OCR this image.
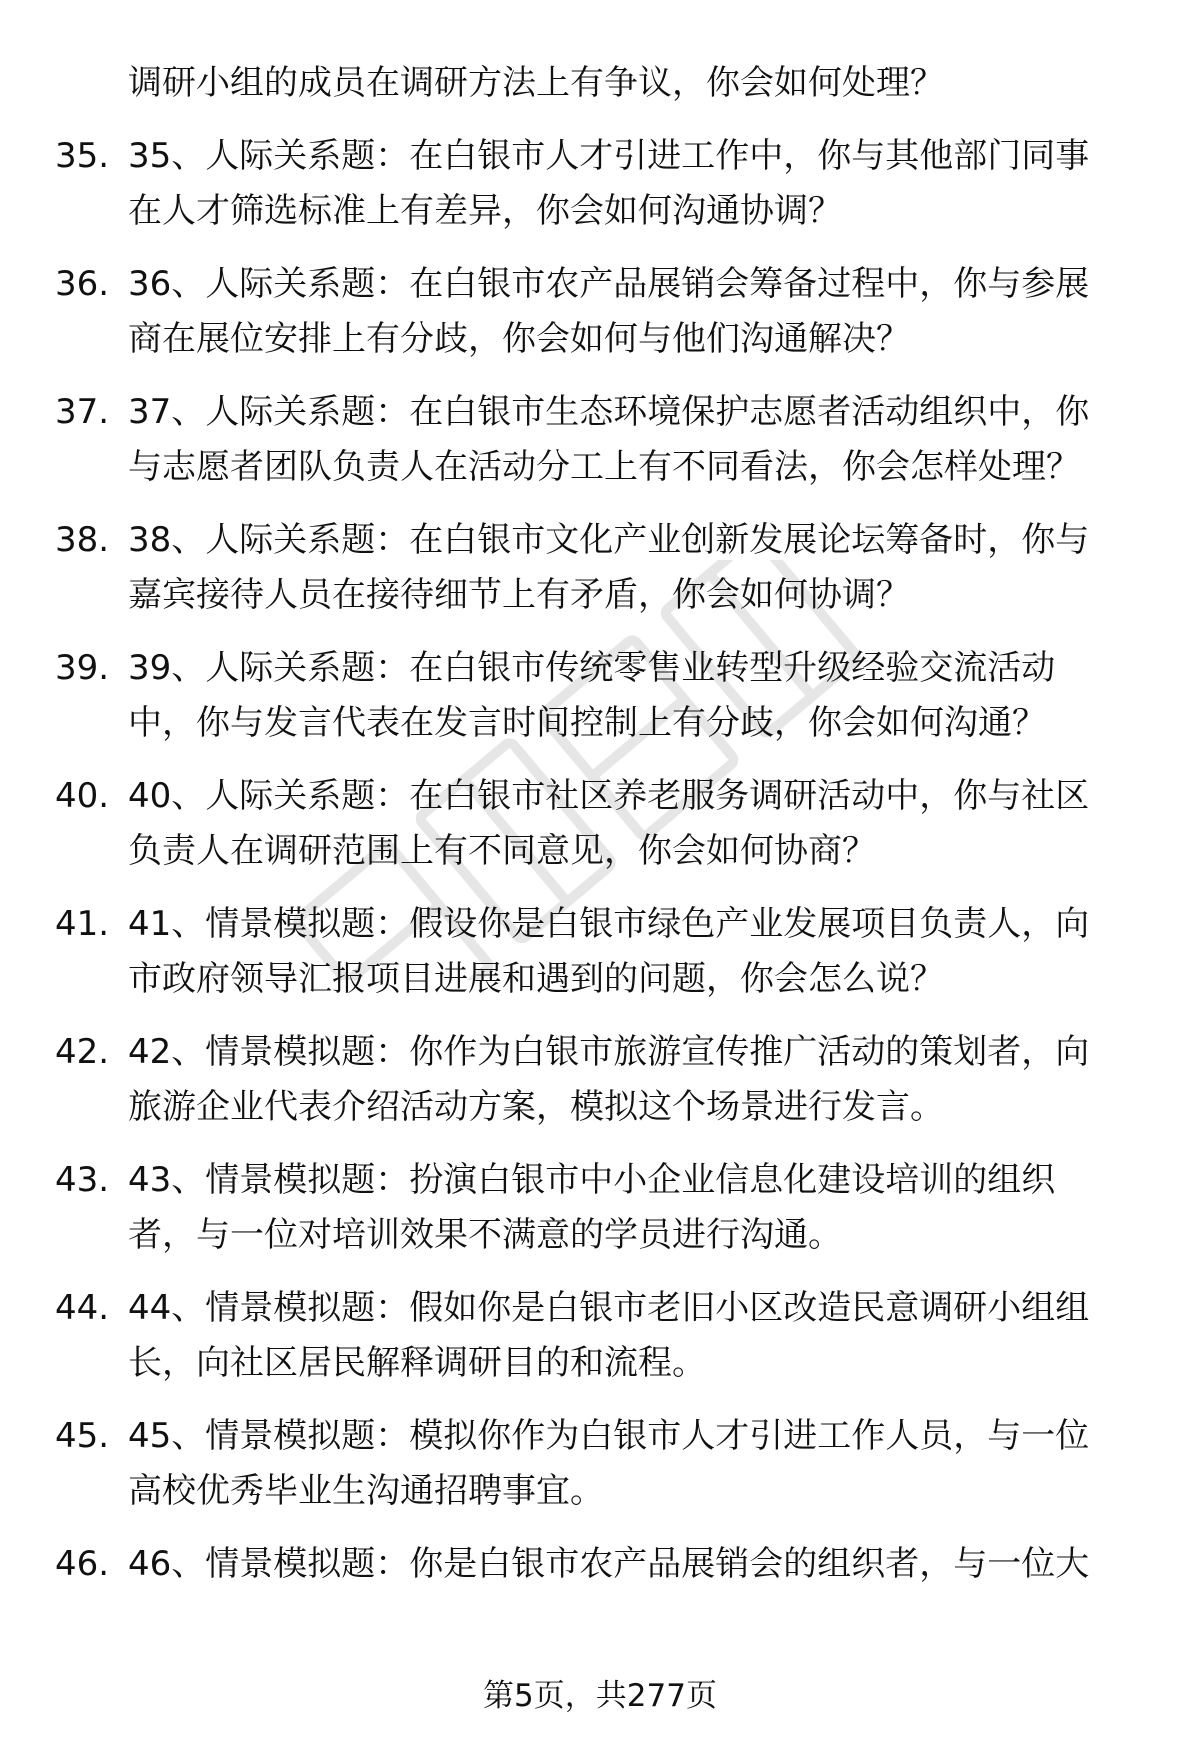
调研小组的成员在调研方法上有争议，你会如何处理？
35. 35、人际关系题：在白银市人才引进工作中，你与其他部门同事
在人才筛选标准上有差异，你会如何沟通协调？
36. 36、人际关系题：在白银市农产品展销会筹备过程中，你与参展
商在展位安排上有分歧，你会如何与他们沟通解决？
37. 37、人际关系题：在白银市生态环境保护志愿者活动组织中，你
与志愿者团队负责人在活动分工上有不同看法，你会怎样处理？
38. 38、人际关系题：在白银市文化产业创新发展论坛筹备时，你与
嘉宾接待人员在接待细节上有矛盾，你会如何协调？
39. 39、人际关系题：在白银市传统零售业转型升级经验交流活动
中，你与发言代表在发言时间控制上有分歧，你会如何沟通？
40. 40、人际关系题：在白银市社区养老服务调研活动中，你与社区
负责人在调研范围上有不同意见，你会如何协商？
41. 41、情景模拟题：假设你是白银市绿色产业发展项目负责人，向
市政府领导汇报项目进展和遇到的问题，你会怎么说？
42. 42、情景模拟题：你作为白银市旅游宣传推广活动的策划者，向
旅游企业代表介绍活动方案，模拟这个场景进行发言。
43. 43、情景模拟题：扮演白银市中小企业信息化建设培训的组织
者，与一位对培训效果不满意的学员进行沟通。
44. 44、情景模拟题：假如你是白银市老旧小区改造民意调研小组组
长，向社区居民解释调研目的和流程。
45. 45、情景模拟题：模拟你作为白银市人才引进工作人员，与一位
高校优秀毕业生沟通招聘事宜。
46. 46、情景模拟题：你是白银市农产品展销会的组织者，与一位大
第5页，共277页
